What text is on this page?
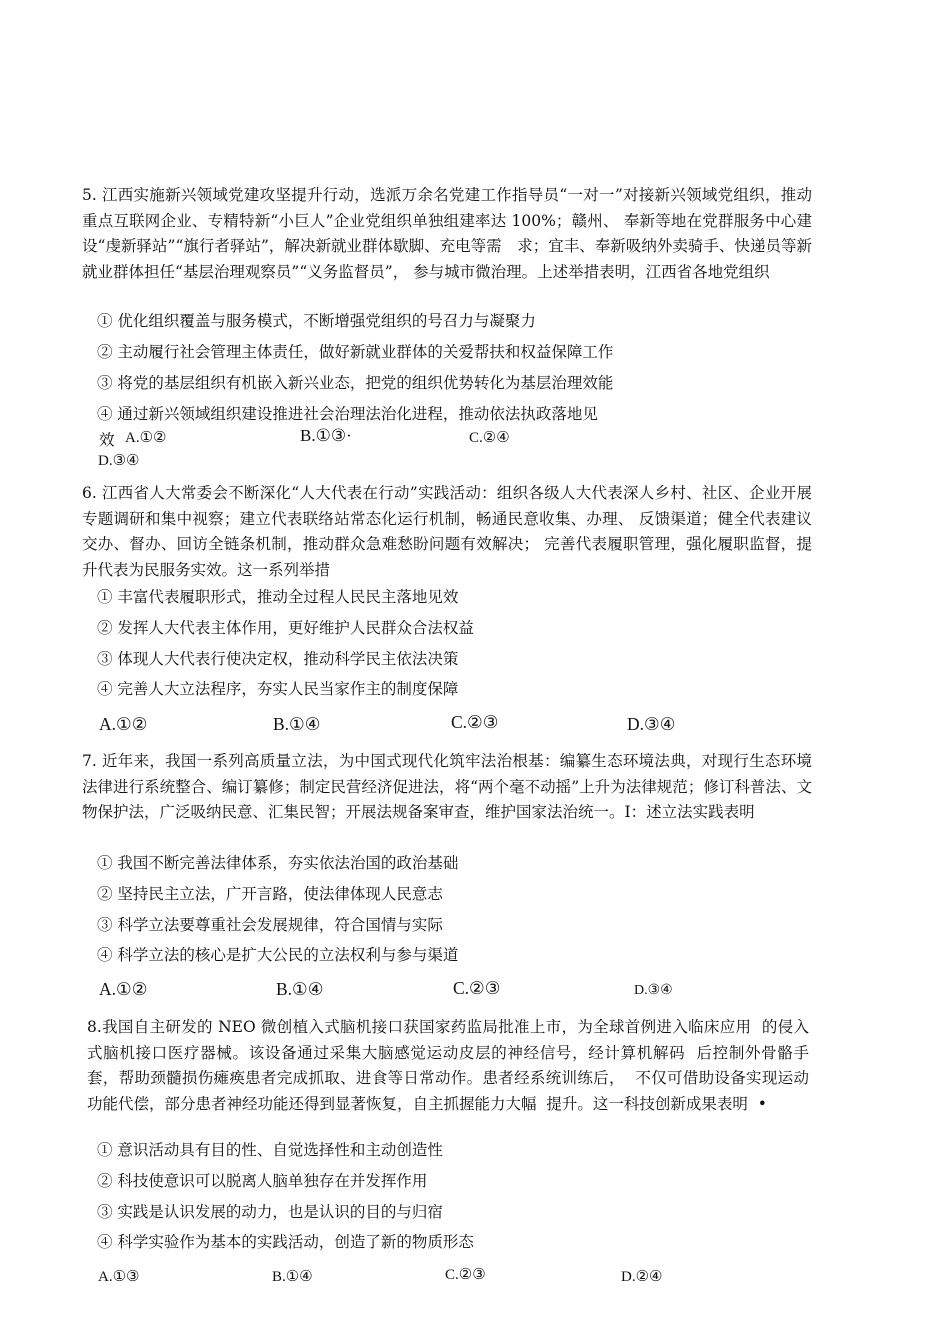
5. 江西实施新兴领域党建攻坚提升行动，选派万余名党建工作指导员“一对一”对接新兴领域党组织，推动重点互联网企业、专精特新“小巨人”企业党组织单独组建率达 100%；赣州、 奉新等地在党群服务中心建设“虔新驿站”“旗行者驿站”，解决新就业群体歇脚、充电等需　求；宜丰、奉新吸纳外卖骑手、快递员等新就业群体担任“基层治理观察员”“义务监督员”， 参与城市微治理。上述举措表明，江西省各地党组织
① 优化组织覆盖与服务模式，不断增强党组织的号召力与凝聚力
② 主动履行社会管理主体责任，做好新就业群体的关爱帮扶和权益保障工作
③ 将党的基层组织有机嵌入新兴业态，把党的组织优势转化为基层治理效能
④ 通过新兴领域组织建设推进社会治理法治化进程，推动依法执政落地见
效 A.①②	B.①③·	C.②④
D.③④
6. 江西省人大常委会不断深化“人大代表在行动”实践活动：组织各级人大代表深人乡村、社区、企业开展专题调研和集中视察；建立代表联络站常态化运行机制，畅通民意收集、办理、 反馈渠道；健全代表建议交办、督办、回访全链条机制，推动群众急难愁盼问题有效解决； 完善代表履职管理，强化履职监督，提升代表为民服务实效。这一系列举措
① 丰富代表履职形式，推动全过程人民民主落地见效
② 发挥人大代表主体作用，更好维护人民群众合法权益
③ 体现人大代表行使决定权，推动科学民主依法决策
④ 完善人大立法程序，夯实人民当家作主的制度保障
A.①②	B.①④	C.②③	D.③④
7. 近年来，我国一系列高质量立法，为中国式现代化筑牢法治根基：编纂生态环境法典，对现行生态环境法律进行系统整合、编订纂修；制定民营经济促进法，将“两个毫不动摇”上升为法律规范；修订科普法、文物保护法，广泛吸纳民意、汇集民智；开展法规备案审查，维护国家法治统一。I：述立法实践表明
① 我国不断完善法律体系，夯实依法治国的政治基础
② 坚持民主立法，广开言路，使法律体现人民意志
③ 科学立法要尊重社会发展规律，符合国情与实际
④ 科学立法的核心是扩大公民的立法权利与参与渠道
A.①②	B.①④	C.②③	D.③④
8.我国自主研发的 NEO 微创植入式脑机接口获国家药监局批准上市，为全球首例进入临床应用  的侵入式脑机接口医疗器械。该设备通过采集大脑感觉运动皮层的神经信号，经计算机解码  后控制外骨骼手套，帮助颈髓损伤瘫痪患者完成抓取、进食等日常动作。患者经系统训练后，  不仅可借助设备实现运动功能代偿，部分患者神经功能还得到显著恢复，自主抓握能力大幅  提升。这一科技创新成果表明  •
① 意识活动具有目的性、自觉选择性和主动创造性
② 科技使意识可以脱离人脑单独存在并发挥作用
③ 实践是认识发展的动力，也是认识的目的与归宿
④ 科学实验作为基本的实践活动，创造了新的物质形态
A.①③	B.①④	C.②③	D.②④
